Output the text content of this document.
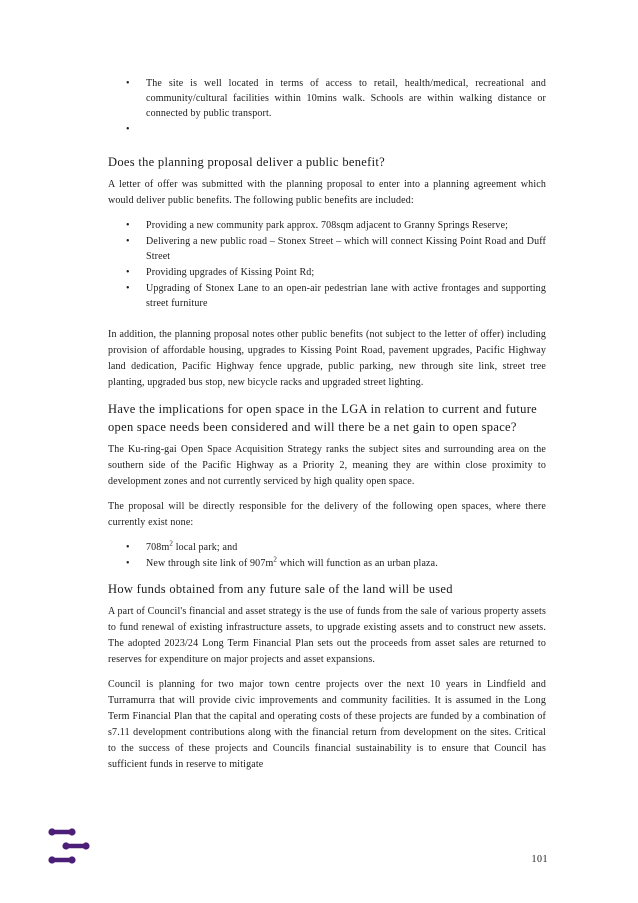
• The site is well located in terms of access to retail, health/medical, recreational and community/cultural facilities within 10mins walk. Schools are within walking distance or connected by public transport.
•
Does the planning proposal deliver a public benefit?

A letter of offer was submitted with the planning proposal to enter into a planning agreement which would deliver public benefits. The following public benefits are included:

• Providing a new community park approx. 708sqm adjacent to Granny Springs Reserve;
• Delivering a new public road – Stonex Street – which will connect Kissing Point Road and Duff Street
• Providing upgrades of Kissing Point Rd;
• Upgrading of Stonex Lane to an open-air pedestrian lane with active frontages and supporting street furniture

In addition, the planning proposal notes other public benefits (not subject to the letter of offer) including provision of affordable housing, upgrades to Kissing Point Road, pavement upgrades, Pacific Highway land dedication, Pacific Highway fence upgrade, public parking, new through site link, street tree planting, upgraded bus stop, new bicycle racks and upgraded street lighting.

Have the implications for open space in the LGA in relation to current and future open space needs been considered and will there be a net gain to open space?

The Ku-ring-gai Open Space Acquisition Strategy ranks the subject sites and surrounding area on the southern side of the Pacific Highway as a Priority 2, meaning they are within close proximity to development zones and not currently serviced by high quality open space.

The proposal will be directly responsible for the delivery of the following open spaces, where there currently exist none:

• $708m^2$ local park; and
• New through site link of $907m^2$ which will function as an urban plaza.
How funds obtained from any future sale of the land will be used

A part of Council's financial and asset strategy is the use of funds from the sale of various property assets to fund renewal of existing infrastructure assets, to upgrade existing assets and to construct new assets. The adopted 2023/24 Long Term Financial Plan sets out the proceeds from asset sales are returned to reserves for expenditure on major projects and asset expansions.

Council is planning for two major town centre projects over the next 10 years in Lindfield and Turramurra that will provide civic improvements and community facilities. It is assumed in the Long Term Financial Plan that the capital and operating costs of these projects are funded by a combination of s7.11 development contributions along with the financial return from development on the sites. Critical to the success of these projects and Councils financial sustainability is to ensure that Council has sufficient funds in reserve to mitigate

101
